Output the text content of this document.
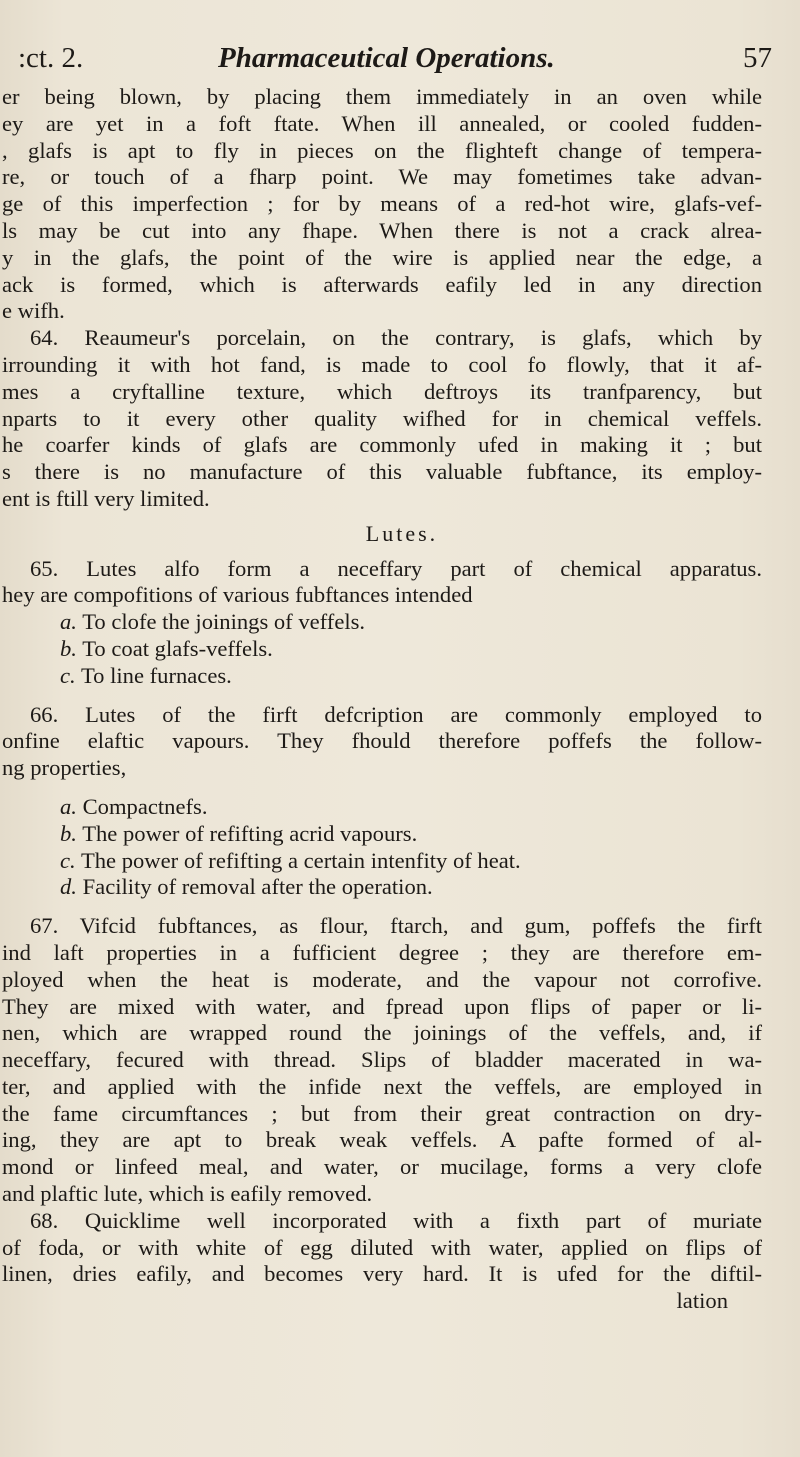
:ct. 2.	Pharmaceutical Operations.	57
er being blown, by placing them immediately in an oven while
ey are yet in a foft ftate. When ill annealed, or cooled fudden-
, glafs is apt to fly in pieces on the flighteft change of tempera-
re, or touch of a fharp point. We may fometimes take advan-
ge of this imperfection ; for by means of a red-hot wire, glafs-vef-
ls may be cut into any fhape. When there is not a crack alrea-
y in the glafs, the point of the wire is applied near the edge, a
ack is formed, which is afterwards eafily led in any direction
e wifh.
64. Reaumeur's porcelain, on the contrary, is glafs, which by
irrounding it with hot fand, is made to cool fo flowly, that it af-
mes a cryftalline texture, which deftroys its tranfparency, but
nparts to it every other quality wifhed for in chemical veffels.
he coarfer kinds of glafs are commonly ufed in making it ; but
s there is no manufacture of this valuable fubftance, its employ-
ent is ftill very limited.
Lutes.
65. Lutes alfo form a neceffary part of chemical apparatus.
hey are compofitions of various fubftances intended
a. To clofe the joinings of veffels.
b. To coat glafs-veffels.
c. To line furnaces.
66. Lutes of the firft defcription are commonly employed to
onfine elaftic vapours. They fhould therefore poffefs the follow-
ng properties,
a. Compactnefs.
b. The power of refifting acrid vapours.
c. The power of refifting a certain intenfity of heat.
d. Facility of removal after the operation.
67. Vifcid fubftances, as flour, ftarch, and gum, poffefs the firft
ind laft properties in a fufficient degree ; they are therefore em-
ployed when the heat is moderate, and the vapour not corrofive.
They are mixed with water, and fpread upon flips of paper or li-
nen, which are wrapped round the joinings of the veffels, and, if
neceffary, fecured with thread. Slips of bladder macerated in wa-
ter, and applied with the infide next the veffels, are employed in
the fame circumftances ; but from their great contraction on dry-
ing, they are apt to break weak veffels. A pafte formed of al-
mond or linfeed meal, and water, or mucilage, forms a very clofe
and plaftic lute, which is eafily removed.
68. Quicklime well incorporated with a fixth part of muriate
of foda, or with white of egg diluted with water, applied on flips of
linen, dries eafily, and becomes very hard. It is ufed for the diftil-
lation
